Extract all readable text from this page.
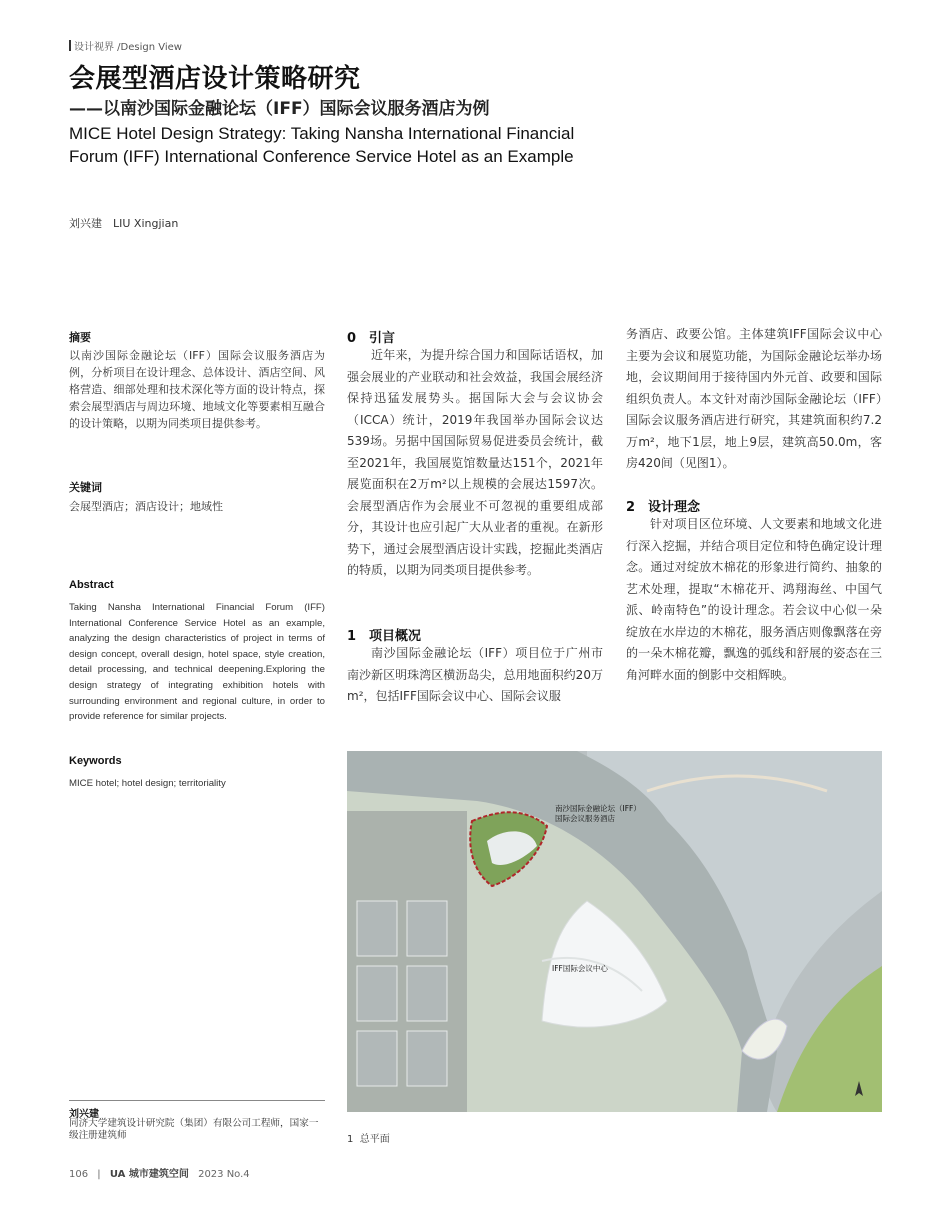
设计视界 /Design View
会展型酒店设计策略研究
——以南沙国际金融论坛（IFF）国际会议服务酒店为例
MICE Hotel Design Strategy: Taking Nansha International Financial Forum (IFF) International Conference Service Hotel as an Example
刘兴建　LIU Xingjian
摘要
以南沙国际金融论坛（IFF）国际会议服务酒店为例，分析项目在设计理念、总体设计、酒店空间、风格营造、细部处理和技术深化等方面的设计特点，探索会展型酒店与周边环境、地域文化等要素相互融合的设计策略，以期为同类项目提供参考。
关键词
会展型酒店；酒店设计；地域性
Abstract
Taking Nansha International Financial Forum (IFF) International Conference Service Hotel as an example, analyzing the design characteristics of project in terms of design concept, overall design, hotel space, style creation, detail processing, and technical deepening.Exploring the design strategy of integrating exhibition hotels with surrounding environment and regional culture, in order to provide reference for similar projects.
Keywords
MICE hotel; hotel design; territoriality
刘兴建
同济大学建筑设计研究院（集团）有限公司工程师，国家一级注册建筑师
0 引言

近年来，为提升综合国力和国际话语权，加强会展业的产业联动和社会效益，我国会展经济保持迅猛发展势头。据国际大会与会议协会（ICCA）统计，2019年我国举办国际会议达539场。另据中国国际贸易促进委员会统计，截至2021年，我国展览馆数量达151个，2021年展览面积在2万m²以上规模的会展达1597次。会展型酒店作为会展业不可忽视的重要组成部分，其设计也应引起广大从业者的重视。在新形势下，通过会展型酒店设计实践，挖掘此类酒店的特质，以期为同类项目提供参考。

1 项目概况

南沙国际金融论坛（IFF）项目位于广州市南沙新区明珠湾区横沥岛尖，总用地面积约20万m²，包括IFF国际会议中心、国际会议服

务酒店、政要公馆。主体建筑IFF国际会议中心主要为会议和展览功能，为国际金融论坛举办场地，会议期间用于接待国内外元首、政要和国际组织负责人。本文针对南沙国际金融论坛（IFF）国际会议服务酒店进行研究，其建筑面积约7.2万m²，地下1层，地上9层，建筑高50.0m，客房420间（见图1）。

2 设计理念

针对项目区位环境、人文要素和地域文化进行深入挖掘，并结合项目定位和特色确定设计理念。通过对绽放木棉花的形象进行简约、抽象的艺术处理，提取“木棉花开、鸿翔海丝、中国气派、岭南特色”的设计理念。若会议中心似一朵绽放在水岸边的木棉花，服务酒店则像飘落在旁的一朵木棉花瓣，飘逸的弧线和舒展的姿态在三角河畔水面的倒影中交相辉映。

南沙国际金融论坛（IFF）
国际会议服务酒店
IFF国际会议中心
1 总平面
106 | UA 城市建筑空间 2023 No.4
